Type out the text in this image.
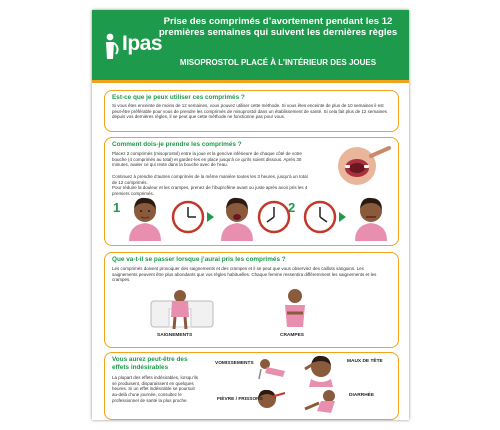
Ipas
Prise des comprimés d’avortement pendant les 12 premières semaines qui suivent les dernières règles
MISOPROSTOL PLACÉ À L’INTÉRIEUR DES JOUES
Est-ce que je peux utiliser ces comprimés ?
Si vous êtes enceinte de moins de 12 semaines, vous pouvez utiliser cette méthode. Si vous êtes enceinte de plus de 10 semaines il est peut-être préférable pour vous de prendre les comprimés de misoprostol dans un établissement de santé. Si cela fait plus de 12 semaines depuis vos dernières règles, il se peut que cette méthode ne fonctionne pas pour vous.
Comment dois-je prendre les comprimés ?
Placez 2 comprimés (misoprostol) entre la joue et la gencive inférieure de chaque côté de votre bouche (4 comprimés au total) et gardez-les en place jusqu’à ce qu’ils soient dissous. Après 30 minutes, avaler ce qui reste dans la bouche avec de l’eau.
Continuez à prendre d’autres comprimés de la même manière toutes les 3 heures, jusqu’à un total de 12 comprimés.
Pour réduire la douleur et les crampes, prenez de l’ibuprofène avant ou juste après avoir pris les 4 premiers comprimés.
1	2
Que va-t-il se passer lorsque j’aurai pris les comprimés ?
Les comprimés doivent provoquer des saignements et des crampes et il se peut que vous observiez des caillots sanguins. Les saignements peuvent être plus abondants que vos règles habituelles. Chaque femme ressentira différemment les saignements et les crampes.
SAIGNEMENTS	CRAMPES
Vous aurez peut-être des effets indésirables
La plupart des effets indésirables, lorsqu’ils se produisent, disparaissent en quelques heures. Si un effet indésirable se poursuit au-delà d’une journée, consultez le professionnel de santé la plus proche.
VOMISSEMENTS	MAUX DE TÊTE
FIÈVRE / FRISSONS
DIARRHÉE
